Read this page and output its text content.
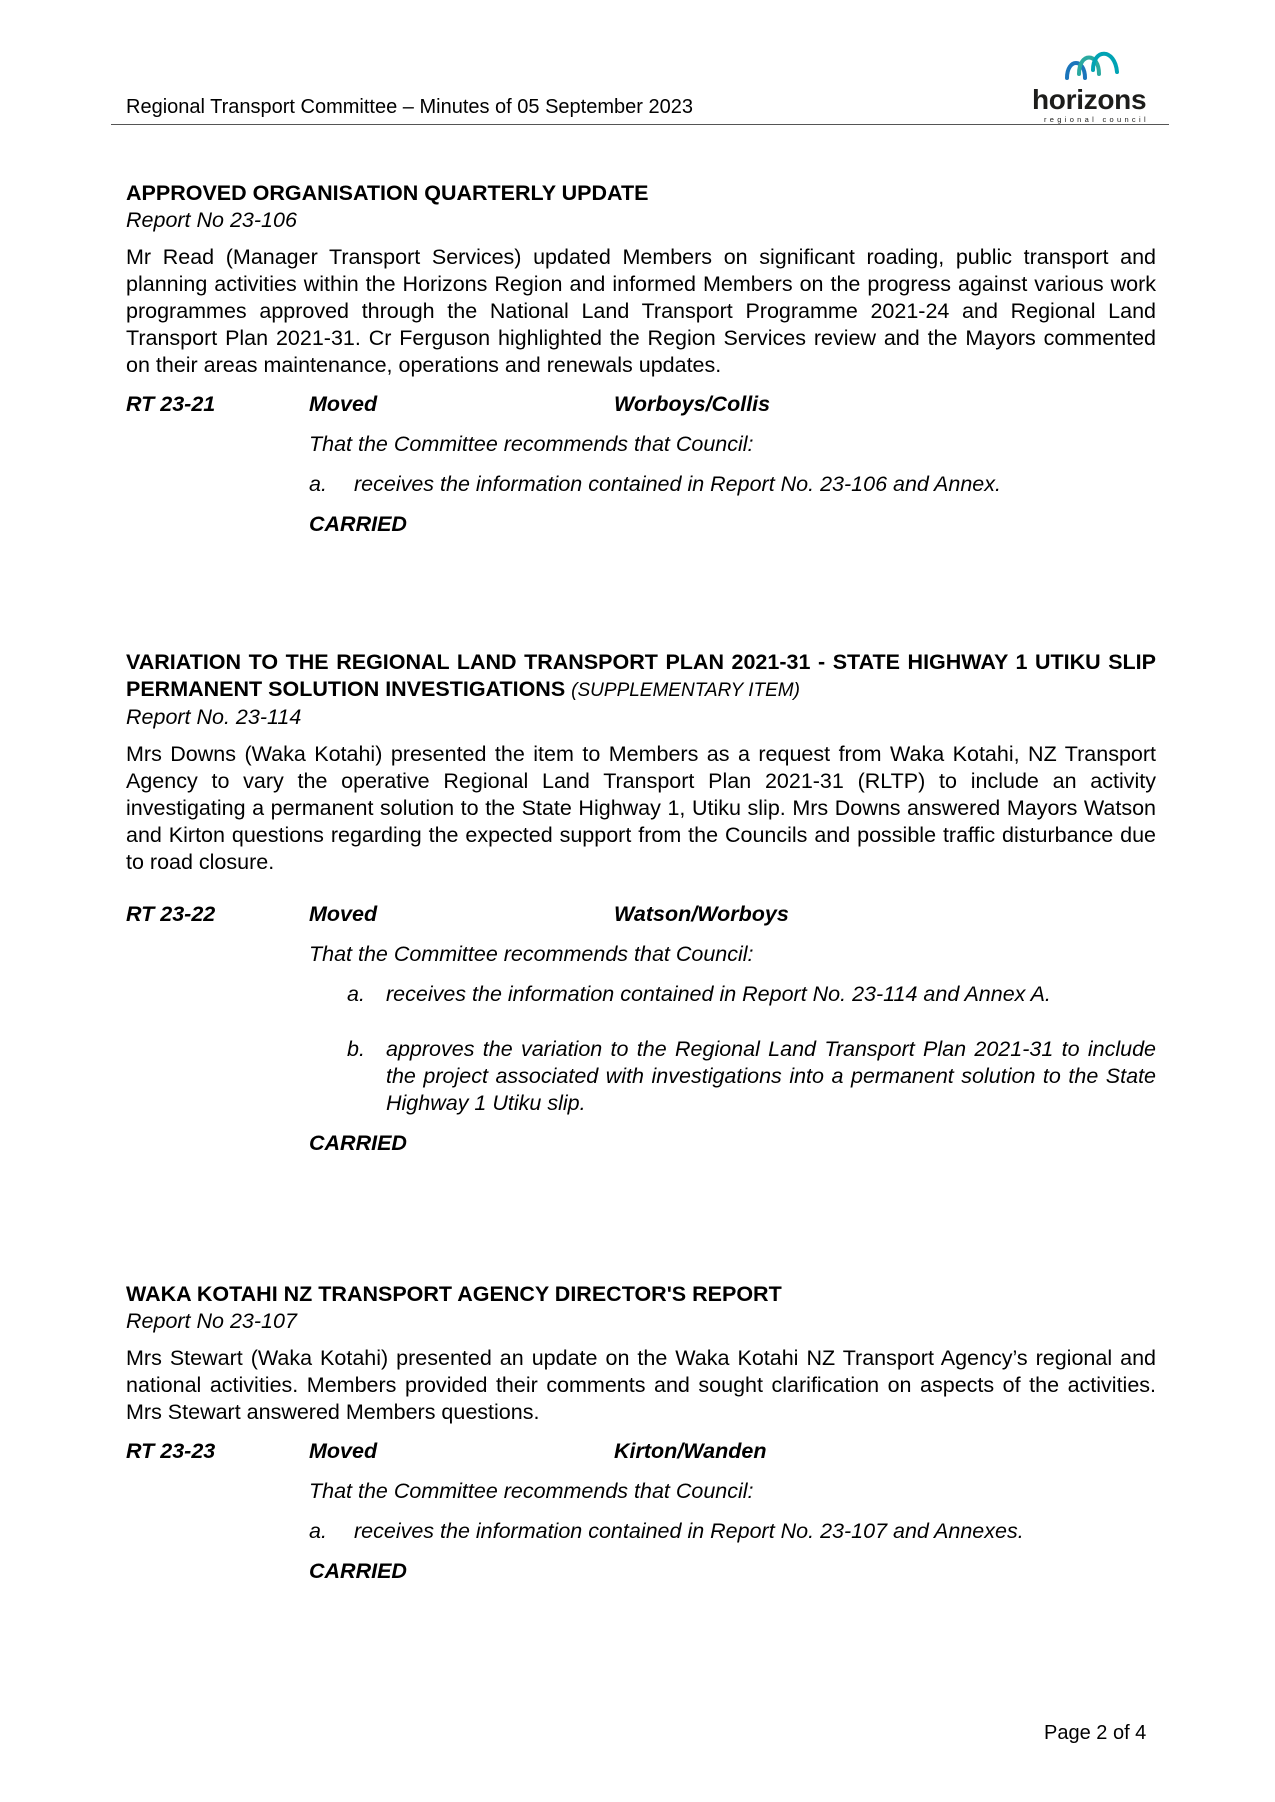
Regional Transport Committee – Minutes of 05 September 2023	horizons
regional council
APPROVED ORGANISATION QUARTERLY UPDATE
Report No 23-106
Mr Read (Manager Transport Services) updated Members on significant roading, public transport and planning activities within the Horizons Region and informed Members on the progress against various work programmes approved through the National Land Transport Programme 2021-24 and Regional Land Transport Plan 2021-31. Cr Ferguson highlighted the Region Services review and the Mayors commented on their areas maintenance, operations and renewals updates.
RT 23-21	Moved	Worboys/Collis
That the Committee recommends that Council:
a. receives the information contained in Report No. 23-106 and Annex.
CARRIED
VARIATION TO THE REGIONAL LAND TRANSPORT PLAN 2021-31 - STATE HIGHWAY 1 UTIKU SLIP PERMANENT SOLUTION INVESTIGATIONS (SUPPLEMENTARY ITEM)
Report No. 23-114
Mrs Downs (Waka Kotahi) presented the item to Members as a request from Waka Kotahi, NZ Transport Agency to vary the operative Regional Land Transport Plan 2021-31 (RLTP) to include an activity investigating a permanent solution to the State Highway 1, Utiku slip. Mrs Downs answered Mayors Watson and Kirton questions regarding the expected support from the Councils and possible traffic disturbance due to road closure.
RT 23-22	Moved	Watson/Worboys
That the Committee recommends that Council:
a. receives the information contained in Report No. 23-114 and Annex A.
b. approves the variation to the Regional Land Transport Plan 2021-31 to include the project associated with investigations into a permanent solution to the State Highway 1 Utiku slip.
CARRIED
WAKA KOTAHI NZ TRANSPORT AGENCY DIRECTOR'S REPORT
Report No 23-107
Mrs Stewart (Waka Kotahi) presented an update on the Waka Kotahi NZ Transport Agency’s regional and national activities. Members provided their comments and sought clarification on aspects of the activities. Mrs Stewart answered Members questions.
RT 23-23	Moved	Kirton/Wanden
That the Committee recommends that Council:
a. receives the information contained in Report No. 23-107 and Annexes.
CARRIED
Page 2 of 4
